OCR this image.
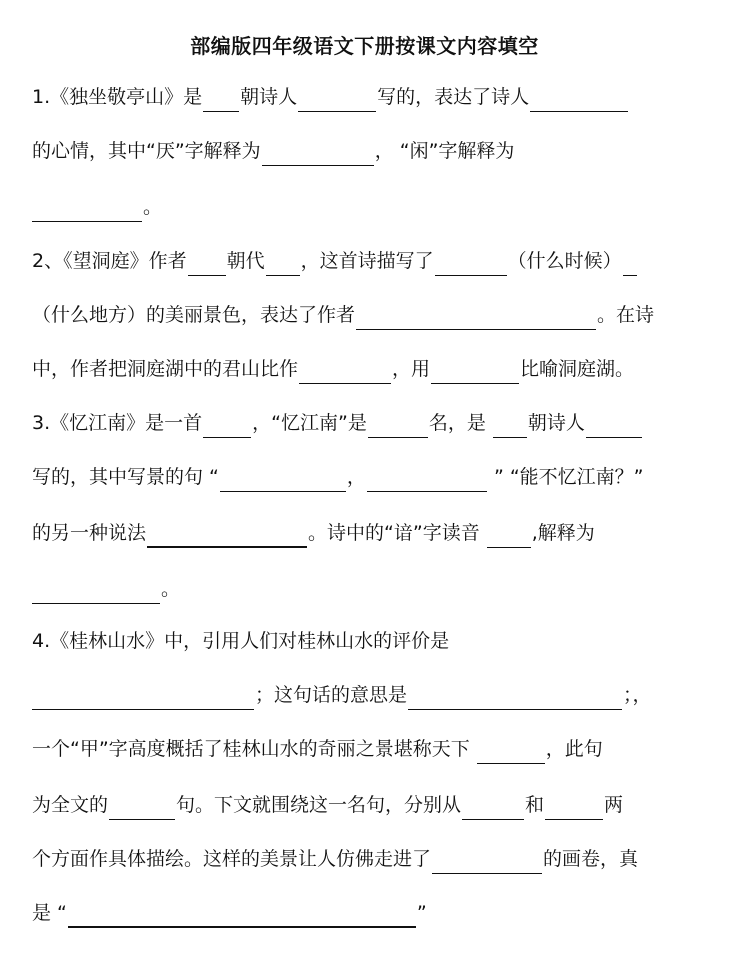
部编版四年级语文下册按课文内容填空
1.《独坐敬亭山》是 朝诗人	写的，表达了诗人
的心情，其中“厌”字解释为	， “闲”字解释为
。
2、《望洞庭》作者 朝代 ，这首诗描写了	（什么时候）
（什么地方）的美丽景色，表达了作者	。在诗
中，作者把洞庭湖中的君山比作	，用	比喻洞庭湖。
3.《忆江南》是一首	，“忆江南”是	名，是 朝诗人
写的，其中写景的句 “	，	” “能不忆江南？”
的另一种说法	。诗中的“谙”字读音 ,解释为
。
4.《桂林山水》中，引用人们对桂林山水的评价是
；这句话的意思是	；，
一个“甲”字高度概括了桂林山水的奇丽之景堪称天下	，此句
为全文的	句。下文就围绕这一名句，分别从	和	两
个方面作具体描绘。这样的美景让人仿佛走进了	的画卷，真
是 “	”
